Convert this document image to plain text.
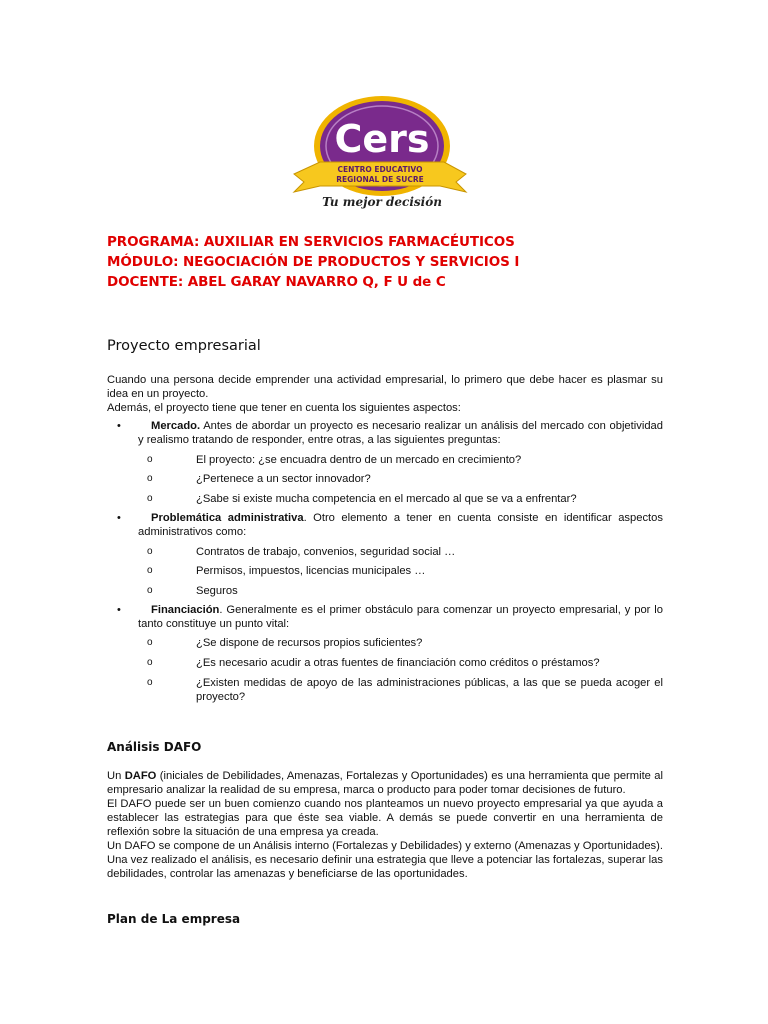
Cers
CENTRO EDUCATIVO
REGIONAL DE SUCRE
Tu mejor decisión
PROGRAMA: AUXILIAR EN SERVICIOS FARMACÉUTICOS
MÓDULO: NEGOCIACIÓN DE PRODUCTOS Y SERVICIOS I
DOCENTE: ABEL GARAY NAVARRO Q, F U de C
Proyecto empresarial
Cuando una persona decide emprender una actividad empresarial, lo primero que debe hacer es plasmar su idea en un proyecto.
Además, el proyecto tiene que tener en cuenta los siguientes aspectos:
•	Mercado. Antes de abordar un proyecto es necesario realizar un análisis del mercado con objetividad y realismo tratando de responder, entre otras, a las siguientes preguntas:
o	El proyecto: ¿se encuadra dentro de un mercado en crecimiento?
o	¿Pertenece a un sector innovador?
o	¿Sabe si existe mucha competencia en el mercado al que se va a enfrentar?
•	Problemática administrativa. Otro elemento a tener en cuenta consiste en identificar aspectos administrativos como:
o	Contratos de trabajo, convenios, seguridad social …
o	Permisos, impuestos, licencias municipales …
o	Seguros
•	Financiación. Generalmente es el primer obstáculo para comenzar un proyecto empresarial, y por lo tanto constituye un punto vital:
o	¿Se dispone de recursos propios suficientes?
o	¿Es necesario acudir a otras fuentes de financiación como créditos o préstamos?
o	¿Existen medidas de apoyo de las administraciones públicas, a las que se pueda acoger el proyecto?
Análisis DAFO
Un DAFO (iniciales de Debilidades, Amenazas, Fortalezas y Oportunidades) es una herramienta que permite al empresario analizar la realidad de su empresa, marca o producto para poder tomar decisiones de futuro.
El DAFO puede ser un buen comienzo cuando nos planteamos un nuevo proyecto empresarial ya que ayuda a establecer las estrategias para que éste sea viable. A demás se puede convertir en una herramienta de reflexión sobre la situación de una empresa ya creada.
Un DAFO se compone de un Análisis interno (Fortalezas y Debilidades) y externo (Amenazas y Oportunidades). Una vez realizado el análisis, es necesario definir una estrategia que lleve a potenciar las fortalezas, superar las debilidades, controlar las amenazas y beneficiarse de las oportunidades.
Plan de La empresa
